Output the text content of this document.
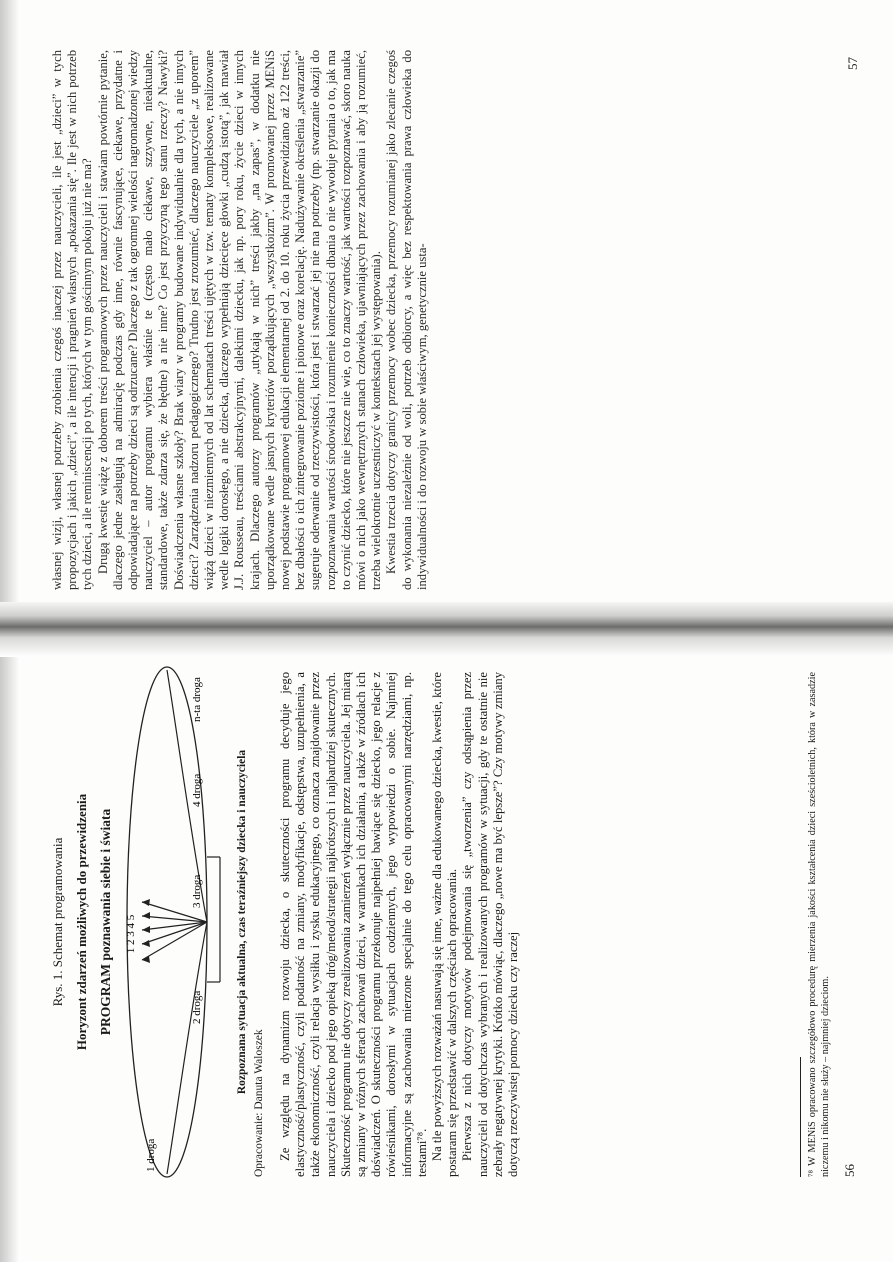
Rys. 1. Schemat programowania Horyzont zdarzeń możliwych do przewidzenia PROGRAM poznawania siebie i świata 1 2 3 4 5
1 droga
2 droga
3 droga
4 droga
n-ta droga
Rozpoznana sytuacja aktualna, czas teraźniejszy dziecka i nauczyciela
Opracowanie: Danuta Waloszek Ze względu na dynamizm rozwoju dziecka, o skuteczności programu decyduje jego elastyczność/plastyczność, czyli podatność na zmiany, modyfikacje, odstępstwa, uzupełnienia, a także ekonomiczność, czyli relacja wysiłku i zysku edukacyjnego, co oznacza znajdowanie przez nauczyciela i dziecko pod jego opieką dróg/metod/strategii najkrótszych i najbardziej skutecznych. Skuteczność programu nie dotyczy zrealizowania zamierzeń wyłącznie przez nauczyciela. Jej miarą są zmiany w różnych sferach zachowań dzieci, w warunkach ich działania, a także w źródłach ich doświadczeń. O skuteczności programu przekonuje najpełniej bawiące się dziecko, jego relacje z rówieśnikami, dorosłymi w sytuacjach codziennych, jego wypowiedzi o sobie. Najmniej informacyjne są zachowania mierzone specjalnie do tego celu opracowanymi narzędziami, np. testami⁷⁸. Na tle powyższych rozważań nasuwają się inne, ważne dla edukowanego dziecka, kwestie, które postaram się przedstawić w dalszych częściach opracowania. Pierwsza z nich dotyczy motywów podejmowania się „tworzenia” czy odstąpienia przez nauczycieli od dotychczas wybranych i realizowanych programów w sytuacji, gdy te ostatnie nie zebrały negatywnej krytyki. Krótko mówiąc, dlaczego „nowe ma być lepsze”? Czy motywy zmiany dotyczą rzeczywistej pomocy dziecku czy raczej	⁷⁸ W MENiS opracowano szczegółowo procedurę mierzenia jakości kształcenia dzieci sześcioletnich, która w zasadzie niczemu i nikomu nie służy – najmniej dzieciom. 56

własnej wizji, własnej potrzeby zrobienia czegoś inaczej przez nauczycieli, ile jest „dzieci” w tych propozycjach i jakich „dzieci”, a ile intencji i pragnień własnych „pokazania się”. Ile jest w nich potrzeb tych dzieci, a ile reminiscencji po tych, których w tym gościnnym pokoju już nie ma? Drugą kwestię wiążę z doborem treści programowych przez nauczycieli i stawiam powtórnie pytanie, dlaczego jedne zasługują na admirację podczas gdy inne, równie fascynujące, ciekawe, przydatne i odpowiadające na potrzeby dzieci są odrzucane? Dlaczego z tak ogromnej wielości nagromadzonej wiedzy nauczyciel – autor programu wybiera właśnie te (często mało ciekawe, szzywne, nieaktualne, standardowe, także zdarza się, że błędne) a nie inne? Co jest przyczyną tego stanu rzeczy? Nawyki? Doświadczenia własne szkoły? Brak wiary w programy budowane indywidualnie dla tych, a nie innych dzieci? Zarządzenia nadzoru pedagogicznego? Trudno jest zrozumieć, dlaczego nauczyciele „z uporem” wiążą dzieci w niezmiennych od lat schematach treści ujętych w tzw. tematy kompleksowe, realizowane wedle logiki dorosłego, a nie dziecka, dlaczego wypełniają dziecięce głowki „cudzą istotą”, jak mawiał J.J. Rousseau, treściami abstrakcyjnymi, dalekimi dziecku, jak np. pory roku, życie dzieci w innych krajach. Dlaczego autorzy programów „utykają w nich” treści jakby „na zapas”, w dodatku nie uporządkowane wedle jasnych kryteriów porządkujących „wszystkoizm”. W promowanej przez MENiS nowej podstawie programowej edukacji elementarnej od 2. do 10. roku życia przewidziano aż 122 treści, bez dbałości o ich zintegrowanie poziome i pionowe oraz korelację. Nadużywanie określenia „stwarzanie” sugeruje oderwanie od rzeczywistości, która jest i stwarzać jej nie ma potrzeby (np. stwarzanie okazji do rozpoznawania wartości środowiska i rozumienie konieczności dbania o nie wywołuje pytania o to, jak ma to czynić dziecko, które nie jeszcze nie wie, co to znaczy wartość, jak wartości rozpoznawać, skoro nauka mówi o nich jako wewnętrznych stanach człowieka, ujawniających przez zachowania i aby ją rozumieć, trzeba wielokrotnie uczestniczyć w kontekstach jej występowania). Kwestia trzecia dotyczy granicy przemocy wobec dziecka, przemocy rozumianej jako zlecanie czegoś do wykonania niezależnie od woli, potrzeb odbiorcy, a więc bez respektowania prawa człowieka do indywidualności i do rozwoju w sobie właściwym, genetycznie usta-

57
